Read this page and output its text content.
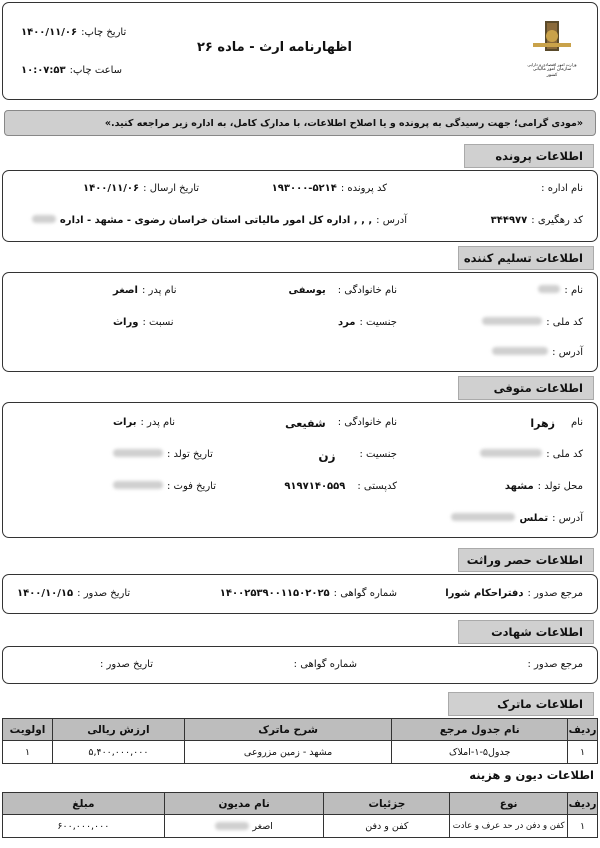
وزارت امور اقتصادی و دارایی
سازمان امور مالیاتی کشور
اظهارنامه ارث - ماده ۲۶
تاریخ چاپ:
۱۴۰۰/۱۱/۰۶
ساعت چاپ:
۱۰:۰۷:۵۳
«مودی گرامی؛ جهت رسیدگی به پرونده و یا اصلاح اطلاعات، با مدارک کامل، به اداره زیر مراجعه کنید.»
اطلاعات پرونده
نام اداره :
کد پرونده :
۱۹۳۰۰۰-۵۲۱۴
تاریخ ارسال :
۱۴۰۰/۱۱/۰۶
کد رهگیری :
۳۴۴۹۷۷
آدرس :
, , , اداره کل امور مالیاتی استان خراسان رضوی - مشهد - اداره
اطلاعات تسلیم کننده
نام :
نام خانوادگی :
یوسفی
نام پدر :
اصغر
کد ملی :
جنسیت :
مرد
نسبت :
وراث
آدرس :
اطلاعات متوفی
نام
زهرا
نام خانوادگی :
شفیعی
نام پدر :
برات
کد ملی :
جنسیت :
زن
تاریخ تولد :
محل تولد :
مشهد
کدپستی :
۹۱۹۷۱۴۰۵۵۹
تاریخ فوت :
آدرس :
تملس
اطلاعات حصر وراثت
مرجع صدور :
دفتراحکام شورا
شماره گواهی :
۱۴۰۰۲۵۳۹۰۰۱۱۵۰۲۰۲۵
تاریخ صدور :
۱۴۰۰/۱۰/۱۵
اطلاعات شهادت
مرجع صدور :
شماره گواهی :
تاریخ صدور :
اطلاعات ماترک
ردیف	نام جدول مرجع	شرح ماترک	ارزش ریالی	اولویت
۱	جدول۵-۱-املاک	مشهد - زمین مزروعی	۵,۴۰۰,۰۰۰,۰۰۰	۱
اطلاعات دیون و هزینه
ردیف	نوع	جزئیات	نام مدیون	مبلغ
۱	کفن و دفن در حد عرف و عادت	کفن و دفن	اصغر	۶۰۰,۰۰۰,۰۰۰
